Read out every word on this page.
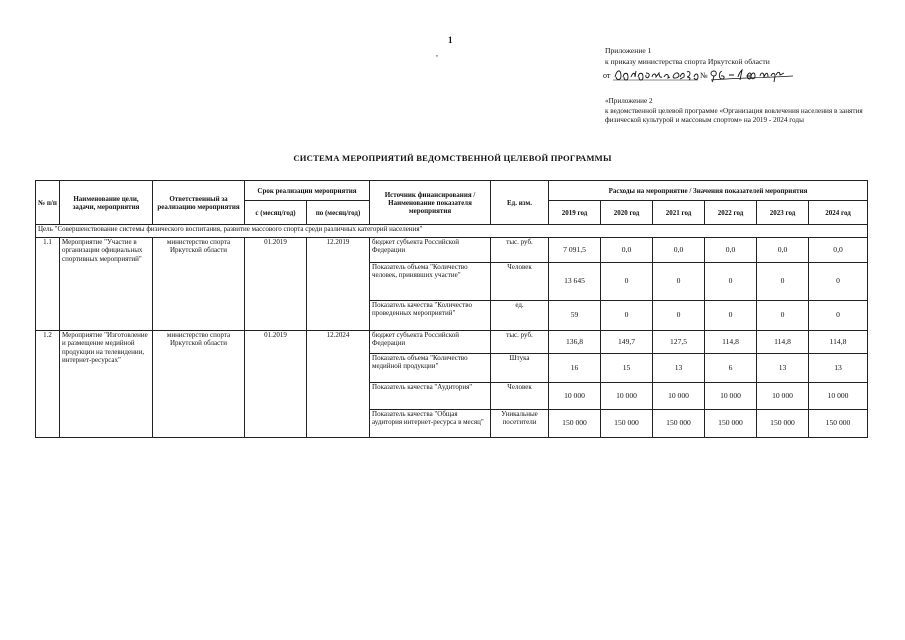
1
,	Приложение 1
к приказу министерства спорта Иркутской области
от	№
«Приложение 2
к ведомственной целевой программе «Организация вовлечения населения в занятия физической культурой и массовым спортом» на 2019 - 2024 годы
СИСТЕМА МЕРОПРИЯТИЙ ВЕДОМСТВЕННОЙ ЦЕЛЕВОЙ ПРОГРАММЫ
№ п/п	Наименование цели, задачи, мероприятия	Ответственный за реализацию мероприятия	Срок реализации мероприятия		Источник финансирования / Наименование показателя мероприятия	Ед. изм.	Расходы на мероприятие / Значения показателей мероприятия					
			с (месяц/год)	по (месяц/год)			2019 год	2020 год	2021 год	2022 год	2023 год	2024 год
Цель "Совершенствование системы физического воспитания, развитие массового спорта среди различных категорий населения"												
1.1	Мероприятие "Участие в организации официальных спортивных мероприятий"	министерство спорта Иркутской области	01.2019	12.2019	бюджет субъекта Российской Федерации	тыс. руб.	7 091,5	0,0	0,0	0,0	0,0	0,0
					Показатель объема "Количество человек, принявших участие"	Человек	13 645	0	0	0	0	0
					Показатель качества "Количество проведенных мероприятий"	ед.	59	0	0	0	0	0
1.2	Мероприятие "Изготовление и размещение медийной продукции на телевидении, интернет-ресурсах"	министерство спорта Иркутской области	01.2019	12.2024	бюджет субъекта Российской Федерации	тыс. руб.	136,8	149,7	127,5	114,8	114,8	114,8
					Показатель объема "Количество медийной продукции"	Штука	16	15	13	6	13	13
					Показатель качества "Аудитория"	Человек	10 000	10 000	10 000	10 000	10 000	10 000
					Показатель качества "Общая аудитория интернет-ресурса в месяц"	Уникальные посетители	150 000	150 000	150 000	150 000	150 000	150 000
